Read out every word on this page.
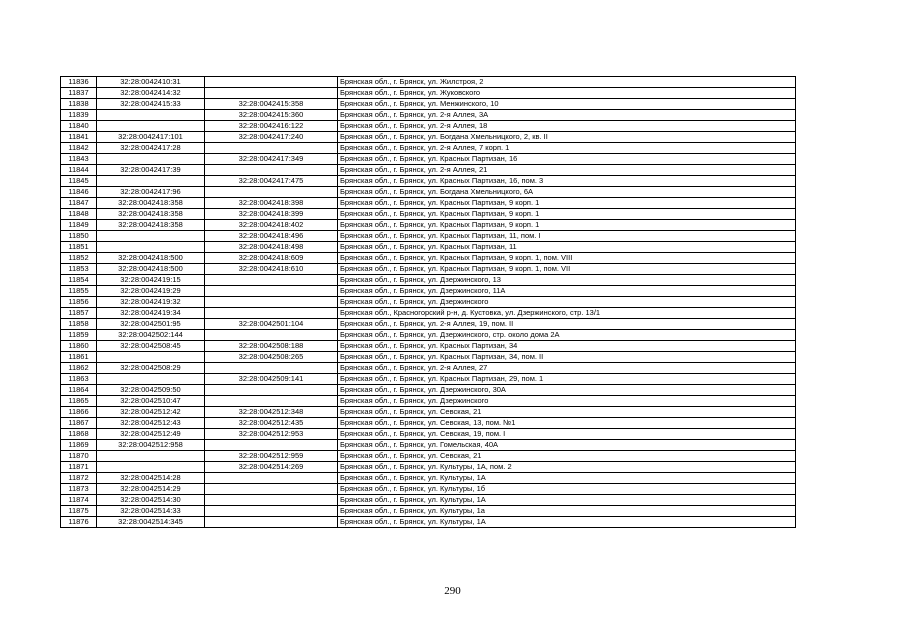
11836	32:28:0042410:31		Брянская обл., г. Брянск, ул. Жилстроя, 2
11837	32:28:0042414:32		Брянская обл., г. Брянск, ул. Жуковского
11838	32:28:0042415:33	32:28:0042415:358	Брянская обл., г. Брянск, ул. Менжинского, 10
11839		32:28:0042415:360	Брянская обл., г. Брянск, ул. 2-я Аллея, 3А
11840		32:28:0042416:122	Брянская обл., г. Брянск, ул. 2-я Аллея, 18
11841	32:28:0042417:101	32:28:0042417:240	Брянская обл., г. Брянск, ул. Богдана Хмельницкого, 2, кв. II
11842	32:28:0042417:28		Брянская обл., г. Брянск, ул. 2-я Аллея, 7 корп. 1
11843		32:28:0042417:349	Брянская обл., г. Брянск, ул. Красных Партизан, 16
11844	32:28:0042417:39		Брянская обл., г. Брянск, ул. 2-я Аллея, 21
11845		32:28:0042417:475	Брянская обл., г. Брянск, ул. Красных Партизан, 16, пом. 3
11846	32:28:0042417:96		Брянская обл., г. Брянск, ул. Богдана Хмельницкого, 6А
11847	32:28:0042418:358	32:28:0042418:398	Брянская обл., г. Брянск, ул. Красных Партизан, 9 корп. 1
11848	32:28:0042418:358	32:28:0042418:399	Брянская обл., г. Брянск, ул. Красных Партизан, 9 корп. 1
11849	32:28:0042418:358	32:28:0042418:402	Брянская обл., г. Брянск, ул. Красных Партизан, 9 корп. 1
11850		32:28:0042418:496	Брянская обл., г. Брянск, ул. Красных Партизан, 11, пом. I
11851		32:28:0042418:498	Брянская обл., г. Брянск, ул. Красных Партизан, 11
11852	32:28:0042418:500	32:28:0042418:609	Брянская обл., г. Брянск, ул. Красных Партизан, 9 корп. 1, пом. VIII
11853	32:28:0042418:500	32:28:0042418:610	Брянская обл., г. Брянск, ул. Красных Партизан, 9 корп. 1, пом. VII
11854	32:28:0042419:15		Брянская обл., г. Брянск, ул. Дзержинского, 13
11855	32:28:0042419:29		Брянская обл., г. Брянск, ул. Дзержинского, 11А
11856	32:28:0042419:32		Брянская обл., г. Брянск, ул. Дзержинского
11857	32:28:0042419:34		Брянская обл., Красногорский р-н, д. Кустовка, ул. Дзержинского, стр. 13/1
11858	32:28:0042501:95	32:28:0042501:104	Брянская обл., г. Брянск, ул. 2-я Аллея, 19, пом. II
11859	32:28:0042502:144		Брянская обл., г. Брянск, ул. Дзержинского, стр. около дома 2А
11860	32:28:0042508:45	32:28:0042508:188	Брянская обл., г. Брянск, ул. Красных Партизан, 34
11861		32:28:0042508:265	Брянская обл., г. Брянск, ул. Красных Партизан, 34, пом. II
11862	32:28:0042508:29		Брянская обл., г. Брянск, ул. 2-я Аллея, 27
11863		32:28:0042509:141	Брянская обл., г. Брянск, ул. Красных Партизан, 29, пом. 1
11864	32:28:0042509:50		Брянская обл., г. Брянск, ул. Дзержинского, 30А
11865	32:28:0042510:47		Брянская обл., г. Брянск, ул. Дзержинского
11866	32:28:0042512:42	32:28:0042512:348	Брянская обл., г. Брянск, ул. Севская, 21
11867	32:28:0042512:43	32:28:0042512:435	Брянская обл., г. Брянск, ул. Севская, 13, пом. №1
11868	32:28:0042512:49	32:28:0042512:953	Брянская обл., г. Брянск, ул. Севская, 19, пом. I
11869	32:28:0042512:958		Брянская обл., г. Брянск, ул. Гомельская, 40А
11870		32:28:0042512:959	Брянская обл., г. Брянск, ул. Севская, 21
11871		32:28:0042514:269	Брянская обл., г. Брянск, ул. Культуры, 1А, пом. 2
11872	32:28:0042514:28		Брянская обл., г. Брянск, ул. Культуры, 1А
11873	32:28:0042514:29		Брянская обл., г. Брянск, ул. Культуры, 1б
11874	32:28:0042514:30		Брянская обл., г. Брянск, ул. Культуры, 1А
11875	32:28:0042514:33		Брянская обл., г. Брянск, ул. Культуры, 1а
11876	32:28:0042514:345		Брянская обл., г. Брянск, ул. Культуры, 1А
290
